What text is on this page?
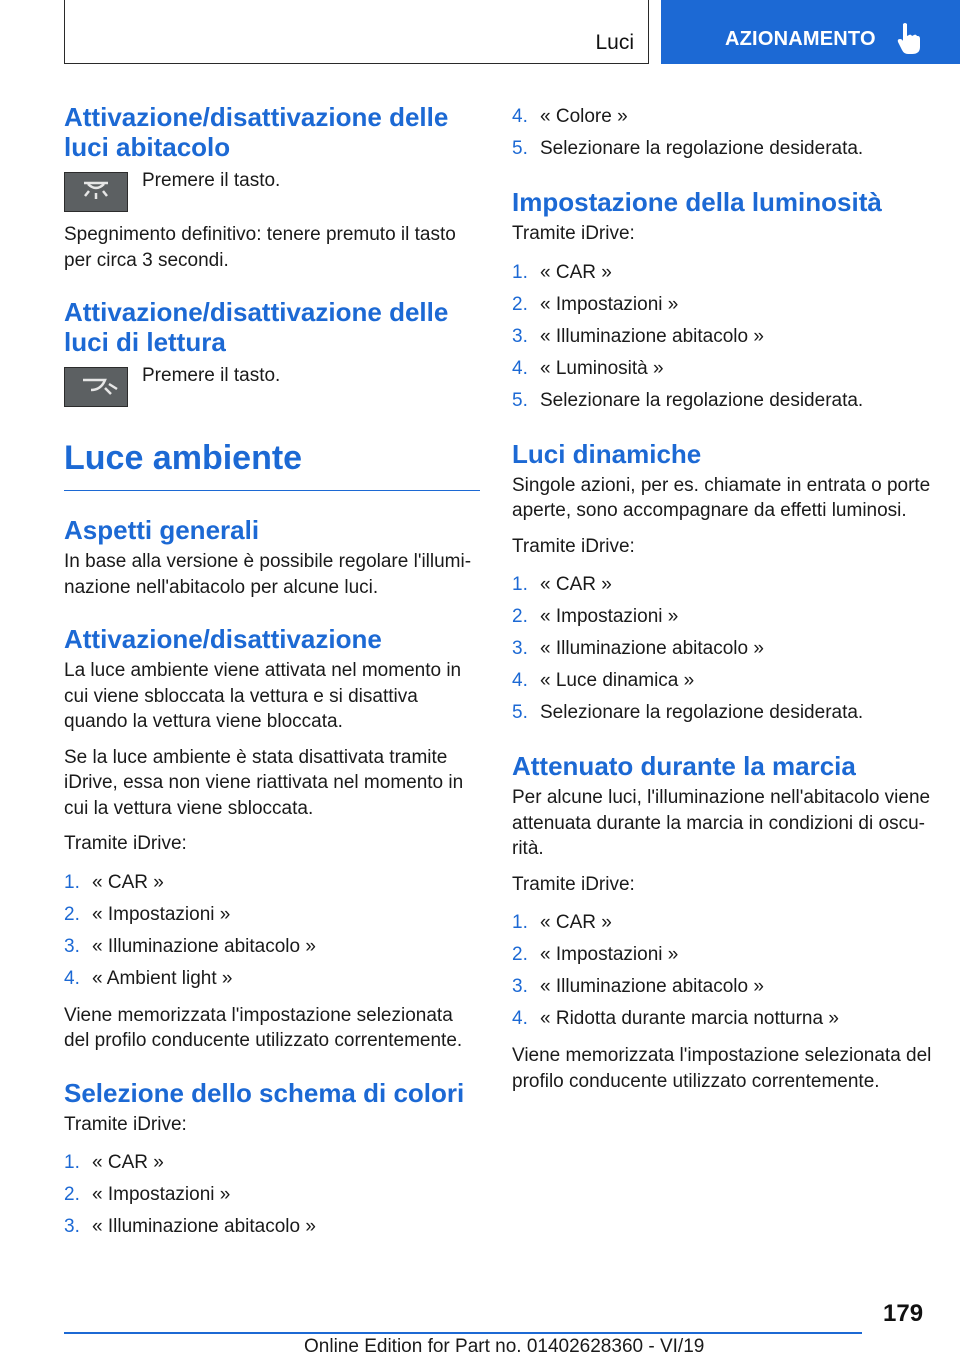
Luci	AZIONAMENTO
Attivazione/disattivazione delle luci abitacolo
Premere il tasto.

Spegnimento definitivo: tenere premuto il tasto per circa 3 secondi.

Attivazione/disattivazione delle luci di lettura
Premere il tasto.
Luce ambiente
Aspetti generali

In base alla versione è possibile regolare l'illumi-nazione nell'abitacolo per alcune luci.

Attivazione/disattivazione

La luce ambiente viene attivata nel momento in cui viene sbloccata la vettura e si disattiva quando la vettura viene bloccata.

Se la luce ambiente è stata disattivata tramite iDrive, essa non viene riattivata nel momento in cui la vettura viene sbloccata.

Tramite iDrive:

1. « CAR »
2. « Impostazioni »
3. « Illuminazione abitacolo »
4. « Ambient light »

Viene memorizzata l'impostazione selezionata del profilo conducente utilizzato correntemente.

Selezione dello schema di colori

Tramite iDrive:

1. « CAR »
2. « Impostazioni »
3. « Illuminazione abitacolo »
4. « Colore »
5. Selezionare la regolazione desiderata.
Impostazione della luminosità

Tramite iDrive:

1. « CAR »
2. « Impostazioni »
3. « Illuminazione abitacolo »
4. « Luminosità »
5. Selezionare la regolazione desiderata.
Luci dinamiche

Singole azioni, per es. chiamate in entrata o porte aperte, sono accompagnare da effetti luminosi.

Tramite iDrive:

1. « CAR »
2. « Impostazioni »
3. « Illuminazione abitacolo »
4. « Luce dinamica »
5. Selezionare la regolazione desiderata.
Attenuato durante la marcia

Per alcune luci, l'illuminazione nell'abitacolo viene attenuata durante la marcia in condizioni di oscu-rità.

Tramite iDrive:

1. « CAR »
2. « Impostazioni »
3. « Illuminazione abitacolo »
4. « Ridotta durante marcia notturna »

Viene memorizzata l'impostazione selezionata del profilo conducente utilizzato correntemente.

179
Online Edition for Part no. 01402628360 - VI/19
